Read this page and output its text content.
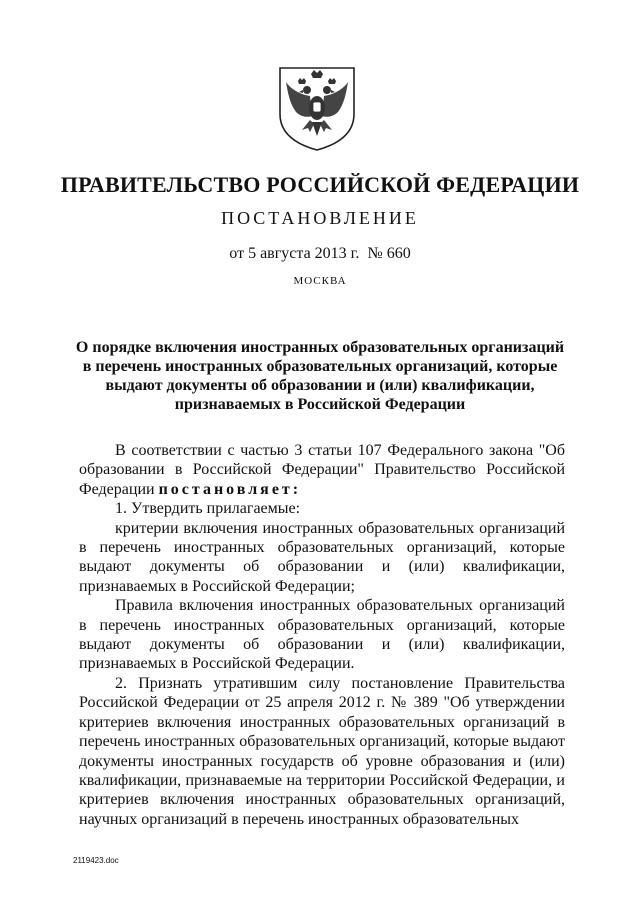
ПРАВИТЕЛЬСТВО РОССИЙСКОЙ ФЕДЕРАЦИИ
ПОСТАНОВЛЕНИЕ
от 5 августа 2013 г. № 660
МОСКВА
О порядке включения иностранных образовательных организаций в перечень иностранных образовательных организаций, которые выдают документы об образовании и (или) квалификации, признаваемых в Российской Федерации

В соответствии с частью 3 статьи 107 Федерального закона "Об образовании в Российской Федерации" Правительство Российской Федерации постановляет:

1. Утвердить прилагаемые:

критерии включения иностранных образовательных организаций в перечень иностранных образовательных организаций, которые выдают документы об образовании и (или) квалификации, признаваемых в Российской Федерации;

Правила включения иностранных образовательных организаций в перечень иностранных образовательных организаций, которые выдают документы об образовании и (или) квалификации, признаваемых в Российской Федерации.

2. Признать утратившим силу постановление Правительства Российской Федерации от 25 апреля 2012 г. № 389 "Об утверждении критериев включения иностранных образовательных организаций в перечень иностранных образовательных организаций, которые выдают документы иностранных государств об уровне образования и (или) квалификации, признаваемые на территории Российской Федерации, и критериев включения иностранных образовательных организаций, научных организаций в перечень иностранных образовательных

2119423.doc
